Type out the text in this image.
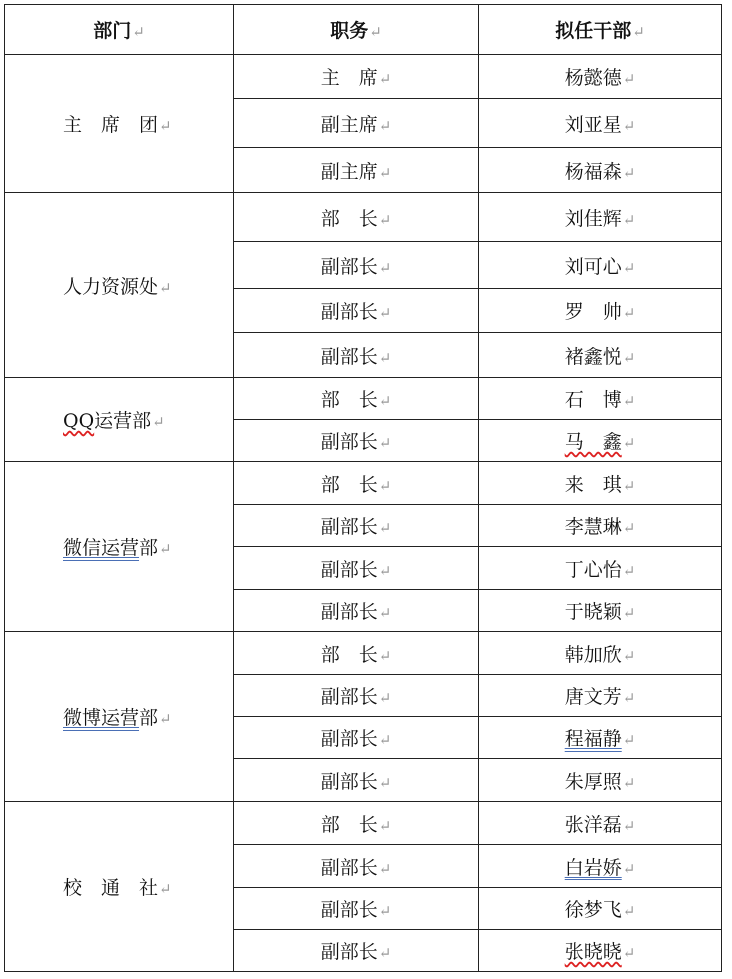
部门↵	职务↵	拟任干部↵
主　席　团↵	主　席↵	杨懿德↵
	副主席↵	刘亚星↵
	副主席↵	杨福森↵
人力资源处↵	部　长↵	刘佳辉↵
	副部长↵	刘可心↵
	副部长↵	罗　帅↵
	副部长↵	褚鑫悦↵
QQ运营部↵	部　长↵	石　博↵
	副部长↵	马　鑫↵
微信运营部↵	部　长↵	来　琪↵
	副部长↵	李慧琳↵
	副部长↵	丁心怡↵
	副部长↵	于晓颖↵
微博运营部↵	部　长↵	韩加欣↵
	副部长↵	唐文芳↵
	副部长↵	程福静↵
	副部长↵	朱厚照↵
校　通　社↵	部　长↵	张洋磊↵
	副部长↵	白岩娇↵
	副部长↵	徐梦飞↵
	副部长↵	张晓晓↵
